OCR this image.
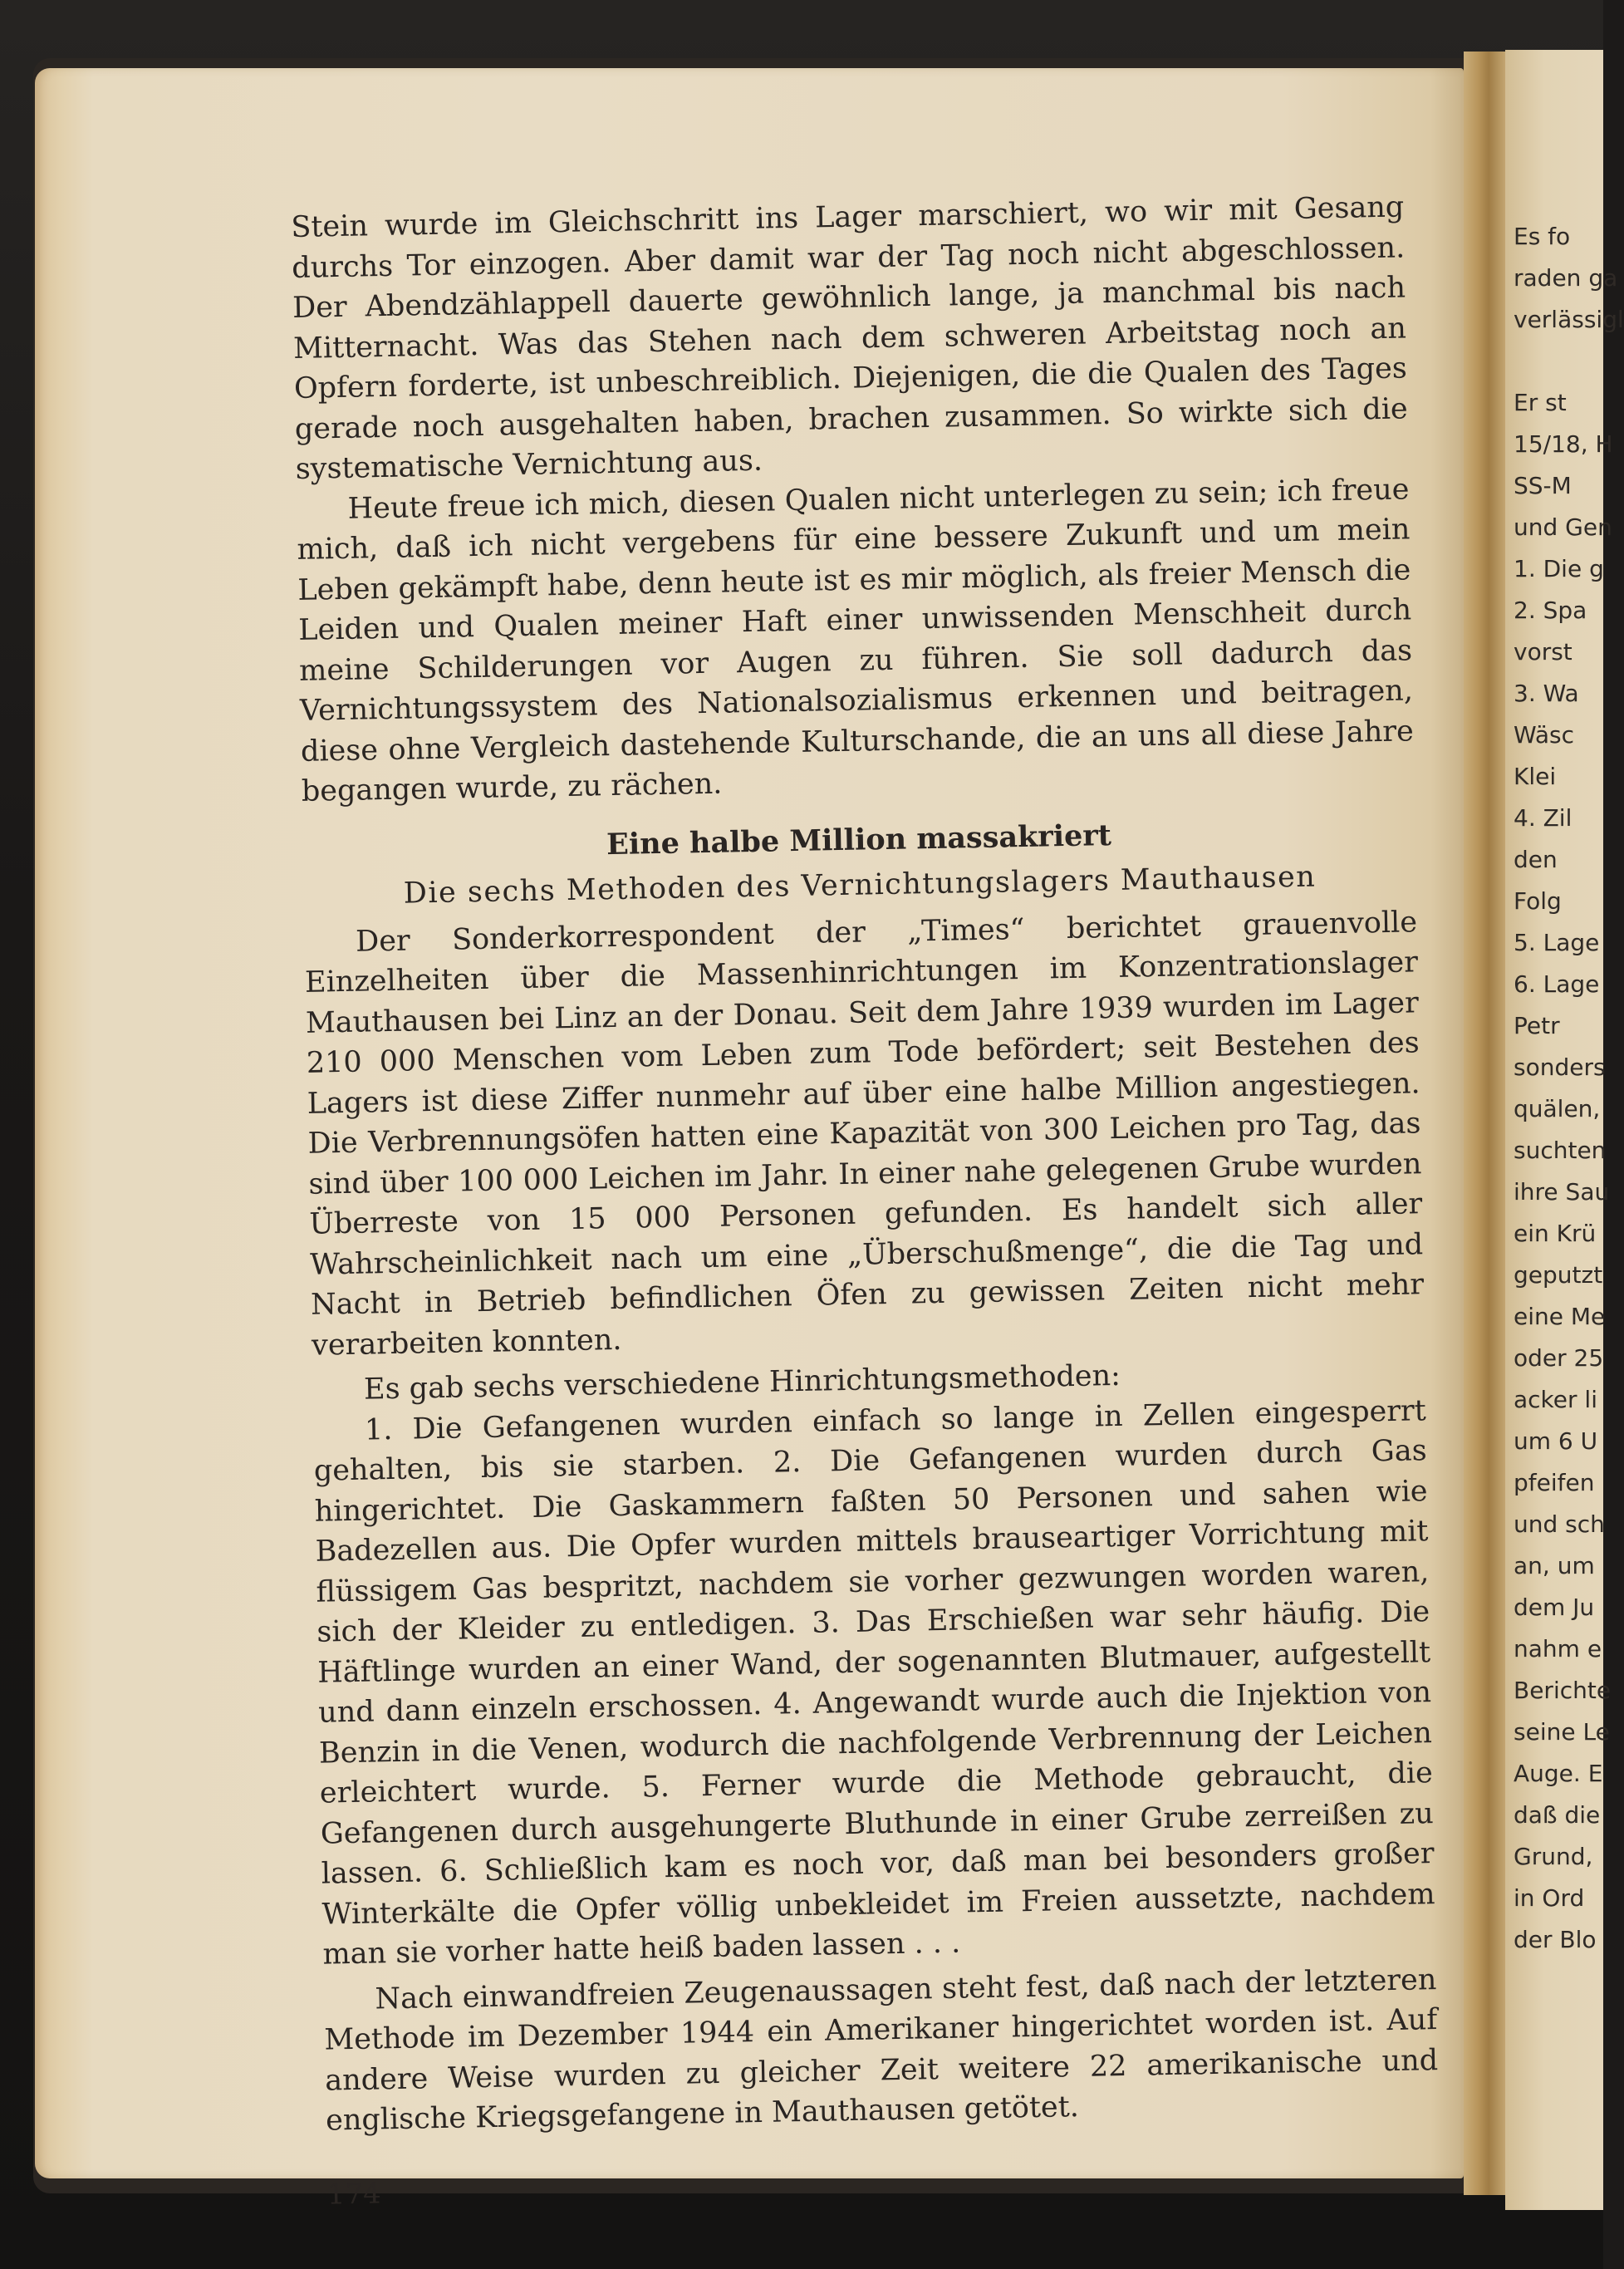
Stein wurde im Gleichschritt ins Lager marschiert, wo wir mit Gesang durchs Tor einzogen. Aber damit war der Tag noch nicht abgeschlossen. Der Abendzählappell dauerte gewöhnlich lange, ja manchmal bis nach Mitternacht. Was das Stehen nach dem schweren Arbeitstag noch an Opfern forderte, ist unbeschreiblich. Diejenigen, die die Qualen des Tages gerade noch ausgehalten haben, brachen zusammen. So wirkte sich die systematische Vernichtung aus.

Heute freue ich mich, diesen Qualen nicht unterlegen zu sein; ich freue mich, daß ich nicht vergebens für eine bessere Zukunft und um mein Leben gekämpft habe, denn heute ist es mir möglich, als freier Mensch die Leiden und Qualen meiner Haft einer unwissenden Menschheit durch meine Schilderungen vor Augen zu führen. Sie soll dadurch das Vernichtungssystem des Nationalsozialismus erkennen und beitragen, diese ohne Vergleich dastehende Kulturschande, die an uns all diese Jahre begangen wurde, zu rächen.

Eine halbe Million massakriert

Die sechs Methoden des Vernichtungslagers Mauthausen

Der Sonderkorrespondent der „Times“ berichtet grauenvolle Einzelheiten über die Massenhinrichtungen im Konzentrationslager Mauthausen bei Linz an der Donau. Seit dem Jahre 1939 wurden im Lager 210 000 Menschen vom Leben zum Tode befördert; seit Bestehen des Lagers ist diese Ziffer nunmehr auf über eine halbe Million angestiegen. Die Verbrennungsöfen hatten eine Kapazität von 300 Leichen pro Tag, das sind über 100 000 Leichen im Jahr. In einer nahe gelegenen Grube wurden Überreste von 15 000 Personen gefunden. Es handelt sich aller Wahrscheinlichkeit nach um eine „Überschußmenge“, die die Tag und Nacht in Betrieb befindlichen Öfen zu gewissen Zeiten nicht mehr verarbeiten konnten.

Es gab sechs verschiedene Hinrichtungsmethoden:

1. Die Gefangenen wurden einfach so lange in Zellen eingesperrt gehalten, bis sie starben. 2. Die Gefangenen wurden durch Gas hingerichtet. Die Gaskammern faßten 50 Personen und sahen wie Badezellen aus. Die Opfer wurden mittels brauseartiger Vorrichtung mit flüssigem Gas bespritzt, nachdem sie vorher gezwungen worden waren, sich der Kleider zu entledigen. 3. Das Erschießen war sehr häufig. Die Häftlinge wurden an einer Wand, der sogenannten Blutmauer, aufgestellt und dann einzeln erschossen. 4. Angewandt wurde auch die Injektion von Benzin in die Venen, wodurch die nachfolgende Verbrennung der Leichen erleichtert wurde. 5. Ferner wurde die Methode gebraucht, die Gefangenen durch ausgehungerte Bluthunde in einer Grube zerreißen zu lassen. 6. Schließlich kam es noch vor, daß man bei besonders großer Winterkälte die Opfer völlig unbekleidet im Freien aussetzte, nachdem man sie vorher hatte heiß baden lassen . . .

Nach einwandfreien Zeugenaussagen steht fest, daß nach der letzteren Methode im Dezember 1944 ein Amerikaner hingerichtet worden ist. Auf andere Weise wurden zu gleicher Zeit weitere 22 amerikanische und englische Kriegsgefangene in Mauthausen getötet.

174

Es fo
raden ga
verlässigl
Er st
15/18, H
SS-M
und Gen
1. Die g
2. Spa
vorst
3. Wa
Wäsc
Klei
4. Zil
den
Folg
5. Lage
6. Lage
Petr
sonders
quälen,
suchten
ihre Sau
ein Krü
geputzt
eine Me
oder 25
acker li
um 6 U
pfeifen
und sch
an, um
dem Ju
nahm e
Berichte
seine Le
Auge. E
daß die
Grund,
in Ord
der Blo
